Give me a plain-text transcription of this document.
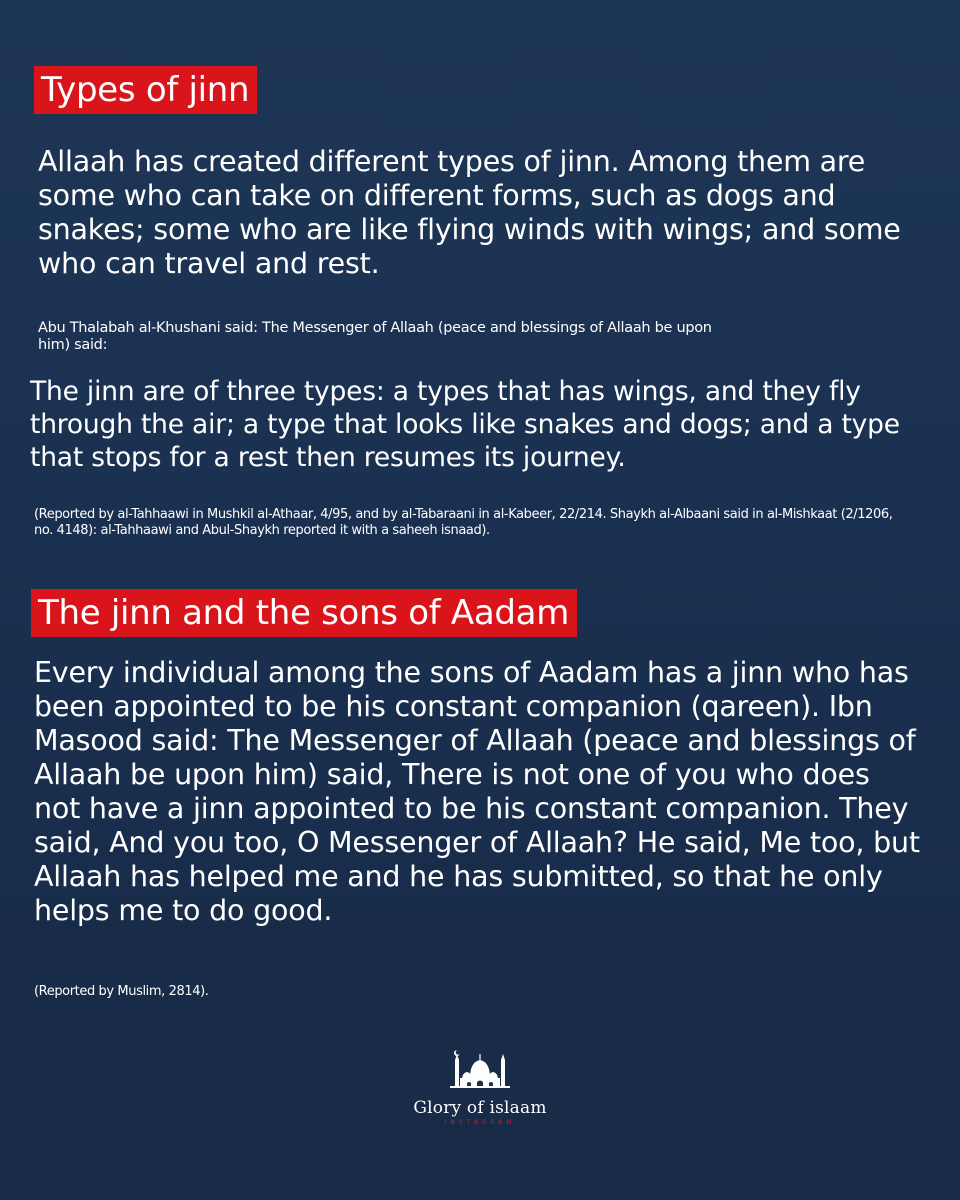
Types of jinn

Allaah has created different types of jinn. Among them are some who can take on different forms, such as dogs and snakes; some who are like flying winds with wings; and some who can travel and rest.

Abu Thalabah al-Khushani said: The Messenger of Allaah (peace and blessings of Allaah be upon him) said:

The jinn are of three types: a types that has wings, and they fly through the air; a type that looks like snakes and dogs; and a type that stops for a rest then resumes its journey.

(Reported by al-Tahhaawi in Mushkil al-Athaar, 4/95, and by al-Tabaraani in al-Kabeer, 22/214. Shaykh al-Albaani said in al-Mishkaat (2/1206, no. 4148): al-Tahhaawi and Abul-Shaykh reported it with a saheeh isnaad).

The jinn and the sons of Aadam

Every individual among the sons of Aadam has a jinn who has been appointed to be his constant companion (qareen). Ibn Masood said: The Messenger of Allaah (peace and blessings of Allaah be upon him) said, There is not one of you who does not have a jinn appointed to be his constant companion. They said, And you too, O Messenger of Allaah? He said, Me too, but Allaah has helped me and he has submitted, so that he only helps me to do good.

(Reported by Muslim, 2814).

Glory of islaam
INSTAGRAM
